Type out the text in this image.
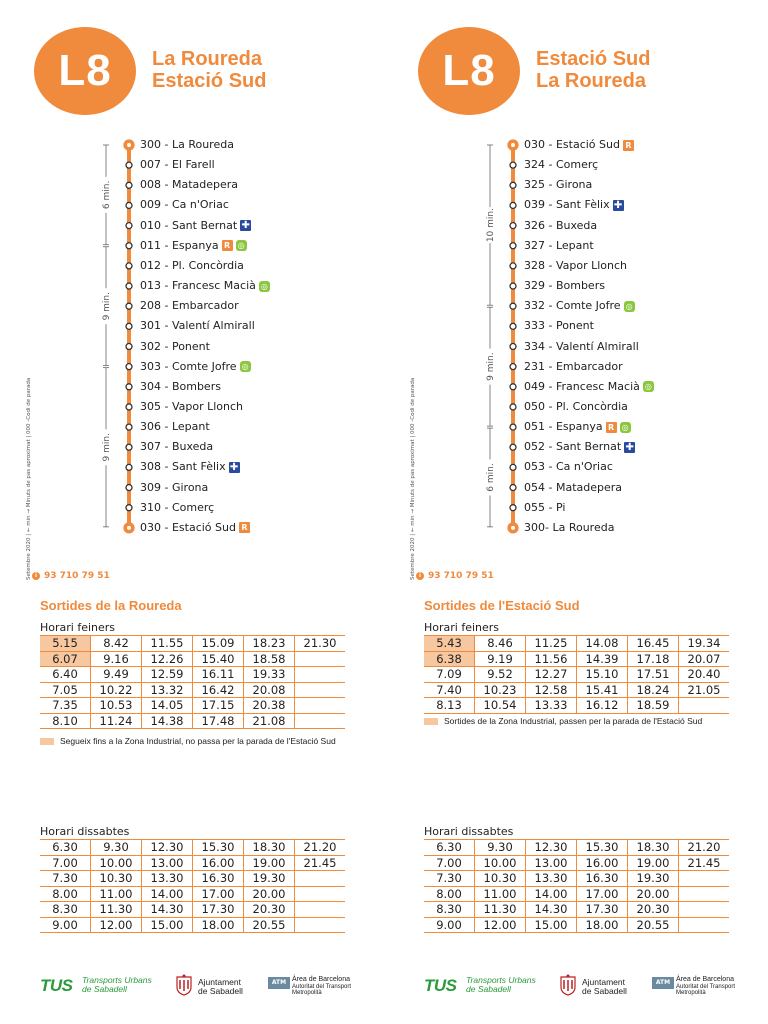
L8	La Roureda
Estació Sud
6 min.
9 min.
9 min.
300 - La Roureda
007 - El Farell
008 - Matadepera
009 - Ca n'Oriac
010 - Sant Bernat ✚
011 - Espanya R ◎
012 - Pl. Concòrdia
013 - Francesc Macià ◎
208 - Embarcador
301 - Valentí Almirall
302 - Ponent
303 - Comte Jofre ◎
304 - Bombers
305 - Vapor Llonch
306 - Lepant
307 - Buxeda
308 - Sant Fèlix ✚
309 - Girona
310 - Comerç
030 - Estació Sud R
Setembre 2020 | ← min → Minuts de pas aproximat | 000 -Codi de parada i 93 710 79 51
Sortides de la Roureda
Horari feiners
5.15	8.42	11.55	15.09	18.23	21.30
6.07	9.16	12.26	15.40	18.58	
6.40	9.49	12.59	16.11	19.33	
7.05	10.22	13.32	16.42	20.08	
7.35	10.53	14.05	17.15	20.38	
8.10	11.24	14.38	17.48	21.08	
Segueix fins a la Zona Industrial, no passa per la parada de l'Estació Sud
Horari dissabtes
6.30	9.30	12.30	15.30	18.30	21.20
7.00	10.00	13.00	16.00	19.00	21.45
7.30	10.30	13.30	16.30	19.30	
8.00	11.00	14.00	17.00	20.00	
8.30	11.30	14.30	17.30	20.30	
9.00	12.00	15.00	18.00	20.55	
TUS Transports Urbans
de Sabadell
Ajuntament
de Sabadell
ATM Àrea de Barcelona
Autoritat del Transport
Metropolità
L8	Estació Sud
La Roureda
10 min.
9 min.
6 min.
030 - Estació Sud R
324 - Comerç
325 - Girona
039 - Sant Fèlix ✚
326 - Buxeda
327 - Lepant
328 - Vapor Llonch
329 - Bombers
332 - Comte Jofre ◎
333 - Ponent
334 - Valentí Almirall
231 - Embarcador
049 - Francesc Macià ◎
050 - Pl. Concòrdia
051 - Espanya R ◎
052 - Sant Bernat ✚
053 - Ca n'Oriac
054 - Matadepera
055 - Pi
300- La Roureda
Setembre 2020 | ← min → Minuts de pas aproximat | 000 -Codi de parada i 93 710 79 51
Sortides de l'Estació Sud
Horari feiners
5.43	8.46	11.25	14.08	16.45	19.34
6.38	9.19	11.56	14.39	17.18	20.07
7.09	9.52	12.27	15.10	17.51	20.40
7.40	10.23	12.58	15.41	18.24	21.05
8.13	10.54	13.33	16.12	18.59	
Sortides de la Zona Industrial, passen per la parada de l'Estació Sud
Horari dissabtes
6.30	9.30	12.30	15.30	18.30	21.20
7.00	10.00	13.00	16.00	19.00	21.45
7.30	10.30	13.30	16.30	19.30	
8.00	11.00	14.00	17.00	20.00	
8.30	11.30	14.30	17.30	20.30	
9.00	12.00	15.00	18.00	20.55	
TUS Transports Urbans
de Sabadell
Ajuntament
de Sabadell
ATM Àrea de Barcelona
Autoritat del Transport
Metropolità
